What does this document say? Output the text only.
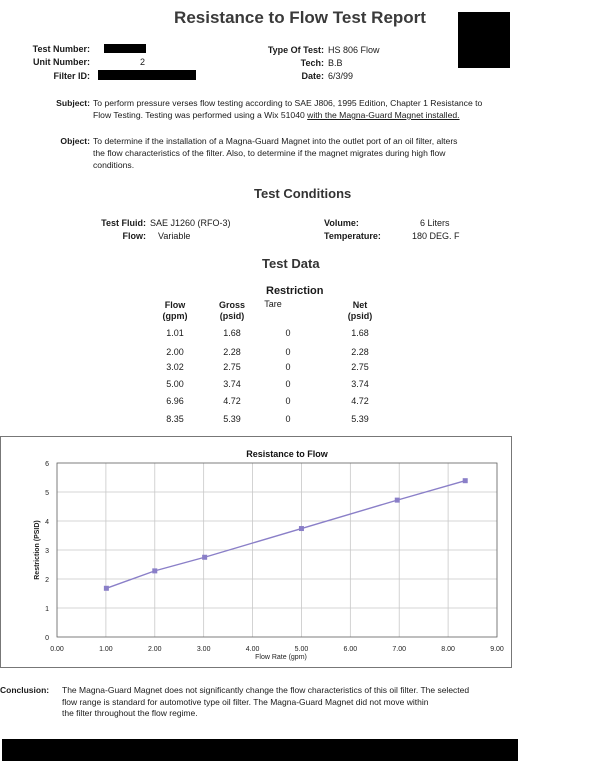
Resistance to Flow Test Report
Test Number:
Unit Number:	2
Filter ID:
Type Of Test: HS 806 Flow
Tech: B.B
Date: 6/3/99
Subject: To perform pressure verses flow testing according to SAE J806, 1995 Edition, Chapter 1 Resistance to
Flow Testing. Testing was performed using a Wix 51040 with the Magna-Guard Magnet installed.
Object: To determine if the installation of a Magna-Guard Magnet into the outlet port of an oil filter, alters
the flow characteristics of the filter. Also, to determine if the magnet migrates during high flow
conditions.
Test Conditions
Test Fluid: SAE J1260 (RFO-3)
Flow: Variable
Volume:	6 Liters
Temperature:	180 DEG. F
Test Data
Restriction
Flow
(gpm)
Gross
(psid)
Tare	Net
(psid)
1.01	1.68	0	1.68
2.00	2.28	0	2.28
3.02	2.75	0	2.75
5.00	3.74	0	3.74
6.96	4.72	0	4.72
8.35	5.39	0	5.39
0.00	1.00	2.00	3.00	4.00	5.00	6.00	7.00	8.00	9.00
0
1
2
3
4
5
6
Resistance to Flow
Flow Rate (gpm)
Restriction (PSID)
Conclusion:	The Magna-Guard Magnet does not significantly change the flow characteristics of this oil filter. The selected
flow range is standard for automotive type oil filter. The Magna-Guard Magnet did not move within
the filter throughout the flow regime.
